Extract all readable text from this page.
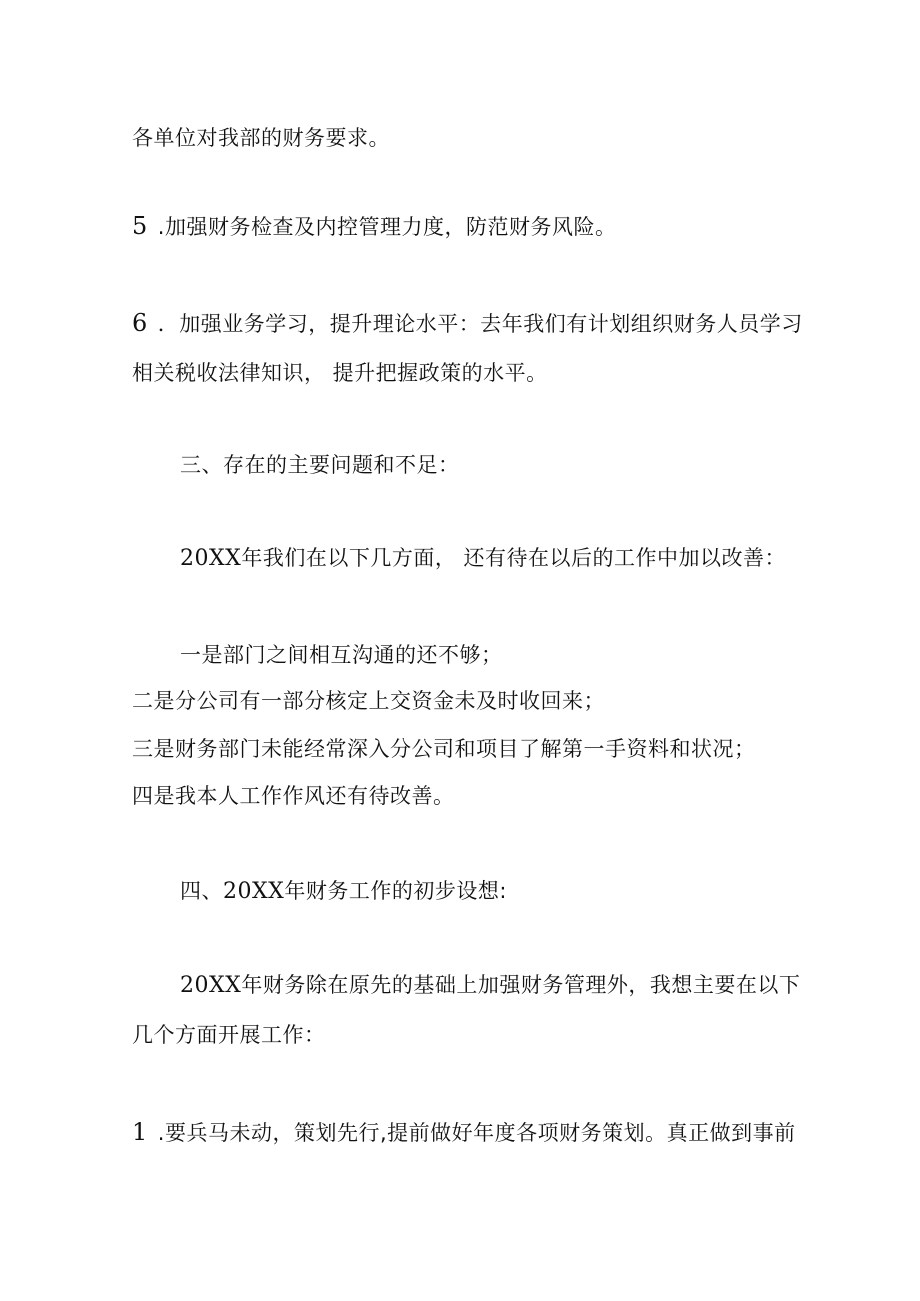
各单位对我部的财务要求。
5 .加强财务检查及内控管理力度，防范财务风险。
6 ．加强业务学习，提升理论水平：去年我们有计划组织财务人员学习
相关税收法律知识， 提升把握政策的水平。
三、存在的主要问题和不足：
20XX年我们在以下几方面， 还有待在以后的工作中加以改善：
一是部门之间相互沟通的还不够；
二是分公司有一部分核定上交资金未及时收回来；
三是财务部门未能经常深入分公司和项目了解第一手资料和状况；
四是我本人工作作风还有待改善。
四、20XX年财务工作的初步设想:
20XX年财务除在原先的基础上加强财务管理外，我想主要在以下
几个方面开展工作：
1 .要兵马未动，策划先行,提前做好年度各项财务策划。真正做到事前
